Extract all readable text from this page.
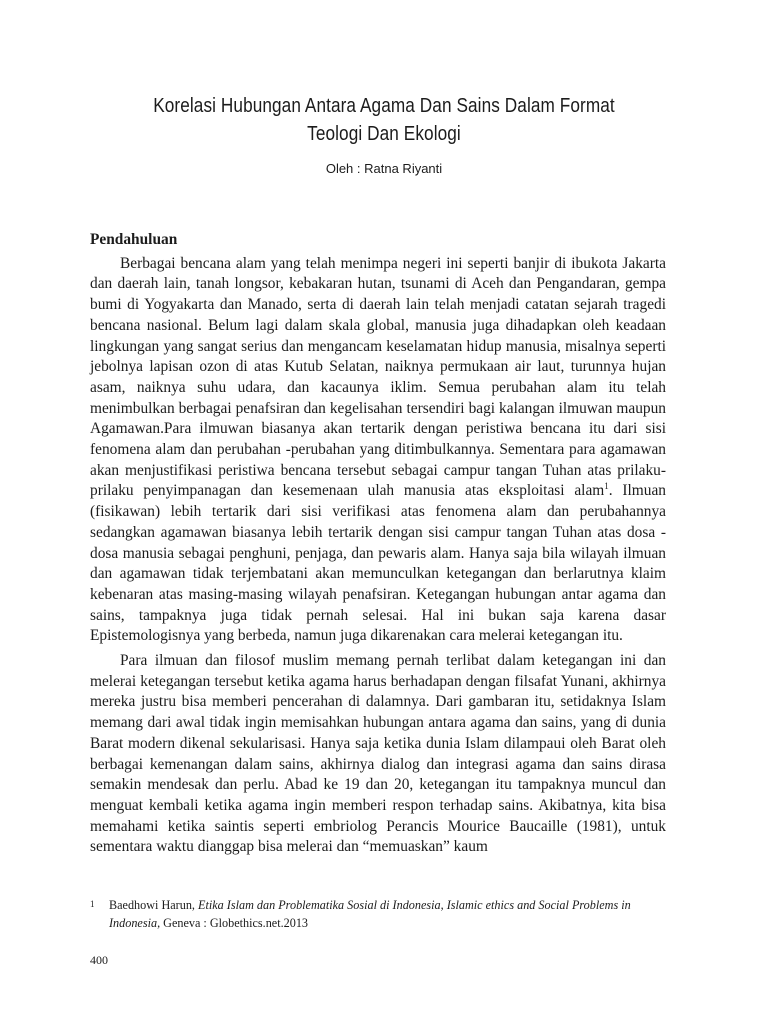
Korelasi Hubungan Antara Agama Dan Sains Dalam Format
Teologi Dan Ekologi
Oleh : Ratna Riyanti
Pendahuluan

Berbagai bencana alam yang telah menimpa negeri ini seperti banjir di ibukota Jakarta dan daerah lain, tanah longsor, kebakaran hutan, tsunami di Aceh dan Pengandaran, gempa bumi di Yogyakarta dan Manado, serta di daerah lain telah menjadi catatan sejarah tragedi bencana nasional. Belum lagi dalam skala global, manusia juga dihadapkan oleh keadaan lingkungan yang sangat serius dan mengancam keselamatan hidup manusia, misalnya seperti jebolnya lapisan ozon di atas Kutub Selatan, naiknya permukaan air laut, turunnya hujan asam, naiknya suhu udara, dan kacaunya iklim. Semua perubahan alam itu telah menimbulkan berbagai penafsiran dan kegelisahan tersendiri bagi kalangan ilmuwan maupun Agamawan.Para ilmuwan biasanya akan tertarik dengan peristiwa bencana itu dari sisi fenomena alam dan perubahan -perubahan yang ditimbulkannya. Sementara para agamawan akan menjustifikasi peristiwa bencana tersebut sebagai campur tangan Tuhan atas prilaku-prilaku penyimpanagan dan kesemenaan ulah manusia atas eksploitasi alam$^1$. Ilmuan (fisikawan) lebih tertarik dari sisi verifikasi atas fenomena alam dan perubahannya sedangkan agamawan biasanya lebih tertarik dengan sisi campur tangan Tuhan atas dosa -dosa manusia sebagai penghuni, penjaga, dan pewaris alam. Hanya saja bila wilayah ilmuan dan agamawan tidak terjembatani akan memunculkan ketegangan dan berlarutnya klaim kebenaran atas masing-masing wilayah penafsiran. Ketegangan hubungan antar agama dan sains, tampaknya juga tidak pernah selesai. Hal ini bukan saja karena dasar Epistemologisnya yang berbeda, namun juga dikarenakan cara melerai ketegangan itu.

Para ilmuan dan filosof muslim memang pernah terlibat dalam ketegangan ini dan melerai ketegangan tersebut ketika agama harus berhadapan dengan filsafat Yunani, akhirnya mereka justru bisa memberi pencerahan di dalamnya. Dari gambaran itu, setidaknya Islam memang dari awal tidak ingin memisahkan hubungan antara agama dan sains, yang di dunia Barat modern dikenal sekularisasi. Hanya saja ketika dunia Islam dilampaui oleh Barat oleh berbagai kemenangan dalam sains, akhirnya dialog dan integrasi agama dan sains dirasa semakin mendesak dan perlu. Abad ke 19 dan 20, ketegangan itu tampaknya muncul dan menguat kembali ketika agama ingin memberi respon terhadap sains. Akibatnya, kita bisa memahami ketika saintis seperti embriolog Perancis Mourice Baucaille (1981), untuk sementara waktu dianggap bisa melerai dan “memuaskan” kaum

1	Baedhowi Harun, Etika Islam dan Problematika Sosial di Indonesia, Islamic ethics and Social Problems in Indonesia, Geneva : Globethics.net.2013
400
